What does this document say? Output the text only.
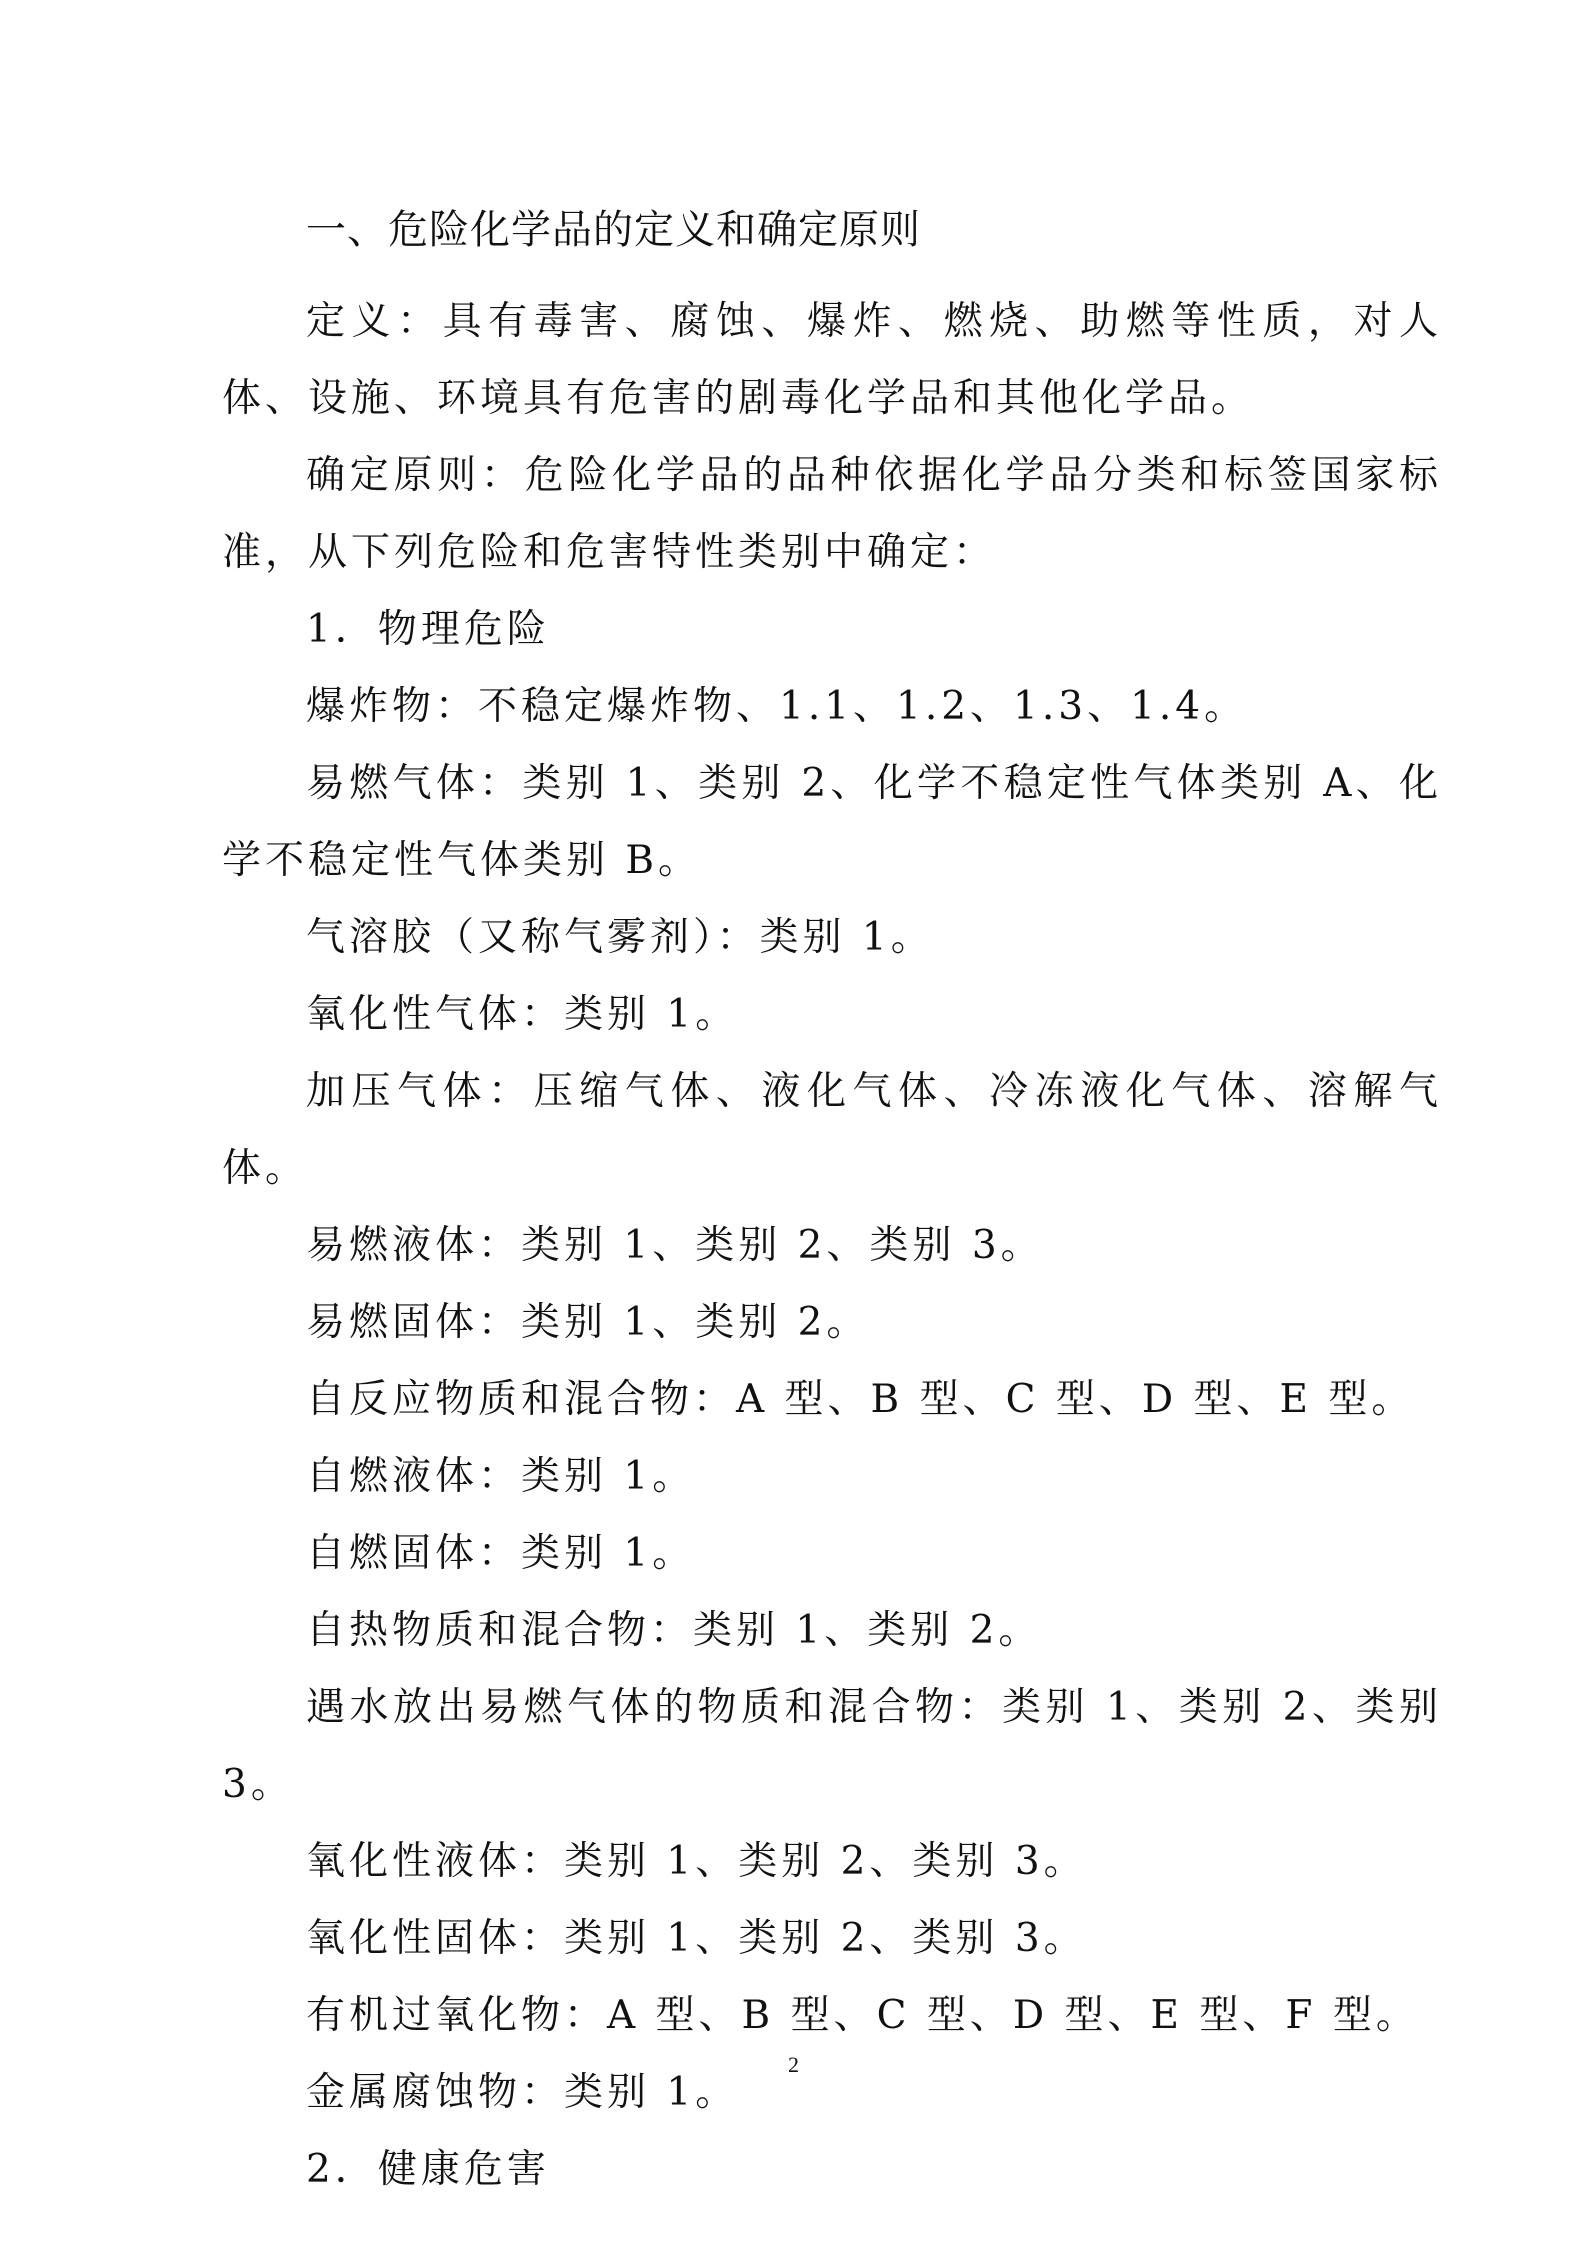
一、危险化学品的定义和确定原则

定义：具有毒害、腐蚀、爆炸、燃烧、助燃等性质，对人体、设施、环境具有危害的剧毒化学品和其他化学品。

确定原则：危险化学品的品种依据化学品分类和标签国家标准，从下列危险和危害特性类别中确定：

1．物理危险

爆炸物：不稳定爆炸物、1.1、1.2、1.3、1.4。

易燃气体：类别 1、类别 2、化学不稳定性气体类别 A、化学不稳定性气体类别 B。

气溶胶（又称气雾剂）：类别 1。

氧化性气体：类别 1。

加压气体：压缩气体、液化气体、冷冻液化气体、溶解气体。

易燃液体：类别 1、类别 2、类别 3。

易燃固体：类别 1、类别 2。

自反应物质和混合物：A 型、B 型、C 型、D 型、E 型。

自燃液体：类别 1。

自燃固体：类别 1。

自热物质和混合物：类别 1、类别 2。

遇水放出易燃气体的物质和混合物：类别 1、类别 2、类别 3。

氧化性液体：类别 1、类别 2、类别 3。

氧化性固体：类别 1、类别 2、类别 3。

有机过氧化物：A 型、B 型、C 型、D 型、E 型、F 型。

金属腐蚀物：类别 1。

2．健康危害

2
